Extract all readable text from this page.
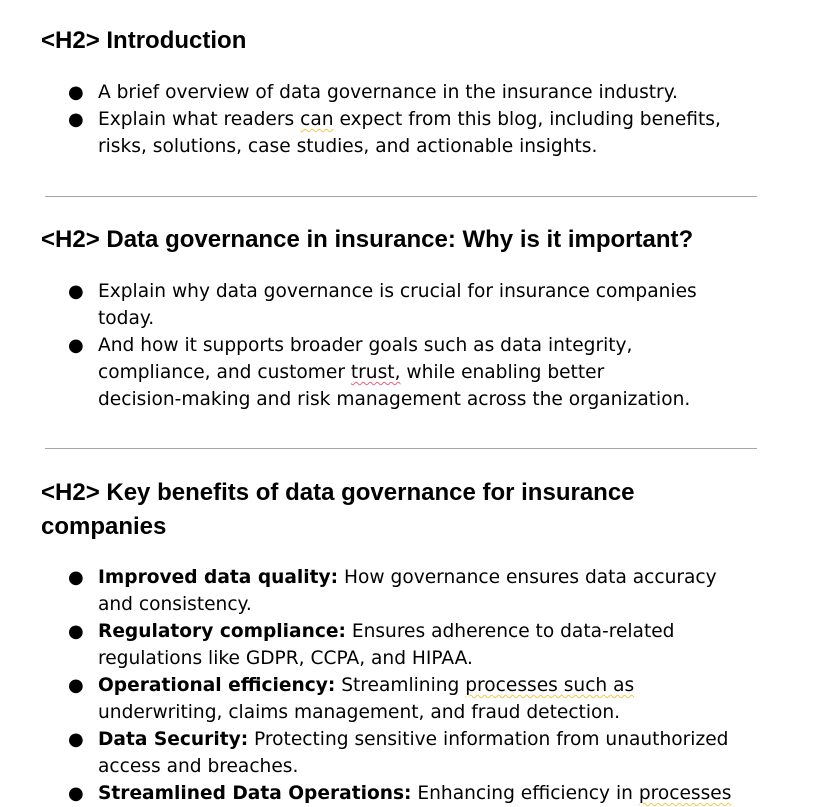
<H2> Introduction
● A brief overview of data governance in the insurance industry.
● Explain what readers can expect from this blog, including benefits,
risks, solutions, case studies, and actionable insights.
<H2> Data governance in insurance: Why is it important?
● Explain why data governance is crucial for insurance companies
today.
● And how it supports broader goals such as data integrity,
compliance, and customer trust, while enabling better
decision-making and risk management across the organization.
<H2> Key benefits of data governance for insurance
companies
● Improved data quality: How governance ensures data accuracy
and consistency.
● Regulatory compliance: Ensures adherence to data-related
regulations like GDPR, CCPA, and HIPAA.
● Operational efficiency: Streamlining processes such as
underwriting, claims management, and fraud detection.
● Data Security: Protecting sensitive information from unauthorized
access and breaches.
● Streamlined Data Operations: Enhancing efficiency in processes
